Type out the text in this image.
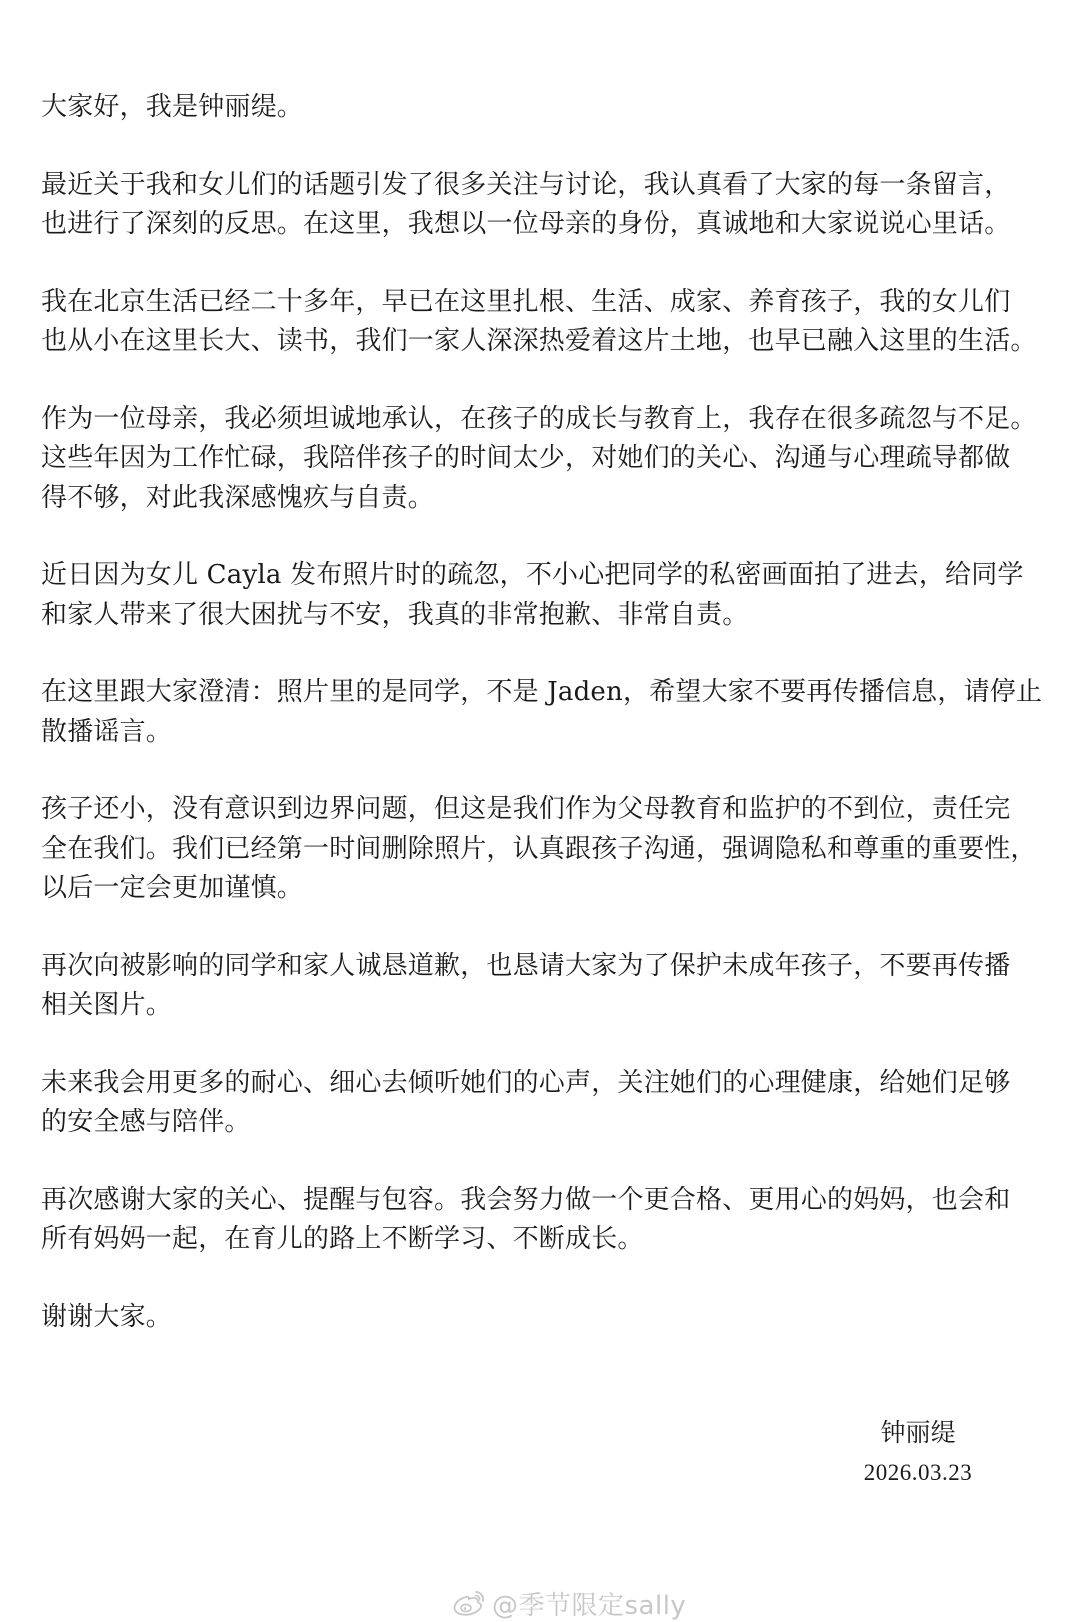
大家好，我是钟丽缇。
最近关于我和女儿们的话题引发了很多关注与讨论，我认真看了大家的每一条留言，
也进行了深刻的反思。在这里，我想以一位母亲的身份，真诚地和大家说说心里话。
我在北京生活已经二十多年，早已在这里扎根、生活、成家、养育孩子，我的女儿们
也从小在这里长大、读书，我们一家人深深热爱着这片土地，也早已融入这里的生活。
作为一位母亲，我必须坦诚地承认，在孩子的成长与教育上，我存在很多疏忽与不足。
这些年因为工作忙碌，我陪伴孩子的时间太少，对她们的关心、沟通与心理疏导都做
得不够，对此我深感愧疚与自责。
近日因为女儿 Cayla 发布照片时的疏忽，不小心把同学的私密画面拍了进去，给同学
和家人带来了很大困扰与不安，我真的非常抱歉、非常自责。
在这里跟大家澄清：照片里的是同学，不是 Jaden，希望大家不要再传播信息，请停止
散播谣言。
孩子还小，没有意识到边界问题，但这是我们作为父母教育和监护的不到位，责任完
全在我们。我们已经第一时间删除照片，认真跟孩子沟通，强调隐私和尊重的重要性，
以后一定会更加谨慎。
再次向被影响的同学和家人诚恳道歉，也恳请大家为了保护未成年孩子，不要再传播
相关图片。
未来我会用更多的耐心、细心去倾听她们的心声，关注她们的心理健康，给她们足够
的安全感与陪伴。
再次感谢大家的关心、提醒与包容。我会努力做一个更合格、更用心的妈妈，也会和
所有妈妈一起，在育儿的路上不断学习、不断成长。
谢谢大家。
钟丽缇
2026.03.23
@季节限定sally
